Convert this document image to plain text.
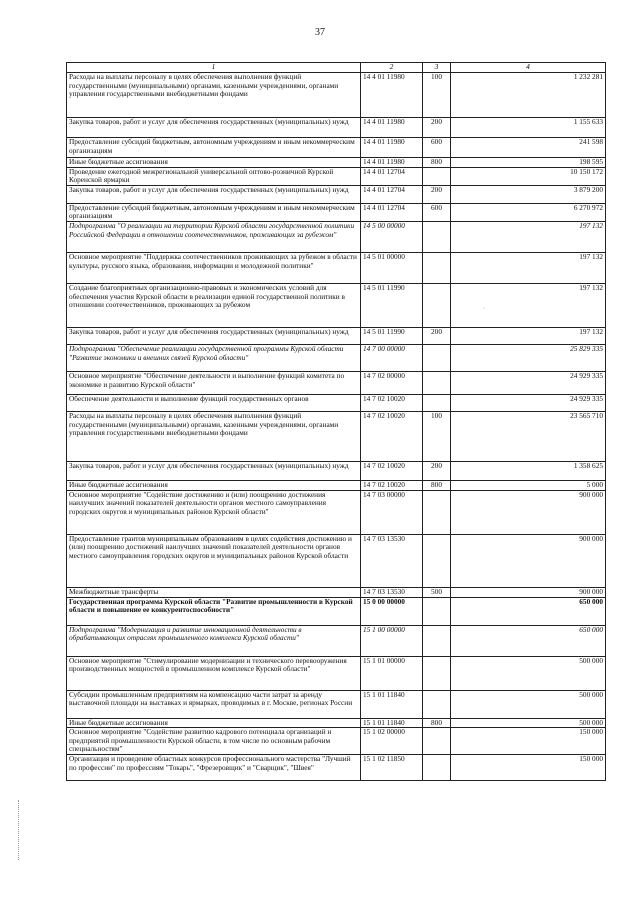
37
1	2	3	4
Расходы на выплаты персоналу в целях обеспечения выполнения функций государственными (муниципальными) органами, казенными учреждениями, органами управления государственными внебюджетными фондами	14 4 01 11980	100	1 232 281
Закупка товаров, работ и услуг для обеспечения государственных (муниципальных) нужд	14 4 01 11980	200	1 155 633
Предоставление субсидий бюджетным, автономным учреждениям и иным некоммерческим организациям	14 4 01 11980	600	241 598
Иные бюджетные ассигнования	14 4 01 11980	800	198 595
Проведение ежегодной межрегиональной универсальной оптово-розничной Курской Коренской ярмарки	14 4 01 12704		10 150 172
Закупка товаров, работ и услуг для обеспечения государственных (муниципальных) нужд	14 4 01 12704	200	3 879 200
Предоставление субсидий бюджетным, автономным учреждениям и иным некоммерческим организациям	14 4 01 12704	600	6 270 972
Подпрограмма "О реализации на территории Курской области государственной политики Российской Федерации в отношении соотечественников, проживающих за рубежом"	14 5 00 00000		197 132
Основное мероприятие "Поддержка соотечественников проживающих за рубежом в области культуры, русского языка, образования, информации и молодежной политики"	14 5 01 00000		197 132
Создание благоприятных организационно-правовых и экономических условий для обеспечения участия Курской области в реализации единой государственной политики в отношении соотечественников, проживающих за рубежом	14 5 01 11990		197 132
Закупка товаров, работ и услуг для обеспечения государственных (муниципальных) нужд	14 5 01 11990	200	197 132
Подпрограмма "Обеспечение реализации государственной программы Курской области "Развитие экономики и внешних связей Курской области"	14 7 00 00000		25 829 335
Основное мероприятие "Обеспечение деятельности и выполнение функций комитета по экономике и развитию Курской области"	14 7 02 00000		24 929 335
Обеспечение деятельности и выполнение функций государственных органов	14 7 02 10020		24 929 335
Расходы на выплаты персоналу в целях обеспечения выполнения функций государственными (муниципальными) органами, казенными учреждениями, органами управления государственными внебюджетными фондами	14 7 02 10020	100	23 565 710
Закупка товаров, работ и услуг для обеспечения государственных (муниципальных) нужд	14 7 02 10020	200	1 358 625
Иные бюджетные ассигнования	14 7 02 10020	800	5 000
Основное мероприятие "Содействие достижению и (или) поощрению достижения наилучших значений показателей деятельности органов местного самоуправления городских округов и муниципальных районов Курской области"	14 7 03 00000		900 000
Предоставление грантов муниципальным образованиям в целях содействия достижению и (или) поощрению достижений наилучших значений показателей деятельности органов местного самоуправления городских округов и муниципальных районов Курской области	14 7 03 13530		900 000
Межбюджетные трансферты	14 7 03 13530	500	900 000
Государственная программа Курской области "Развитие промышленности в Курской области и повышение ее конкурентоспособности"	15 0 00 00000		650 000
Подпрограмма "Модернизация и развитие инновационной деятельности в обрабатывающих отраслях промышленного комплекса Курской области"	15 1 00 00000		650 000
Основное мероприятие "Стимулирование модернизации и технического перевооружения производственных мощностей в промышленном комплексе Курской области"	15 1 01 00000		500 000
Субсидии промышленным предприятиям на компенсацию части затрат за аренду выставочной площади на выставках и ярмарках, проводимых в г. Москве, регионах России	15 1 01 11840		500 000
Иные бюджетные ассигнования	15 1 01 11840	800	500 000
Основное мероприятие "Содействие развитию кадрового потенциала организаций и предприятий промышленности Курской области, в том числе по основным рабочим специальностям"	15 1 02 00000		150 000
Организация и проведение областных конкурсов профессионального мастерства "Лучший по профессии" по профессиям "Токарь", "Фрезеровщик" и "Сварщик", "Швея"	15 1 02 11850		150 000
·
